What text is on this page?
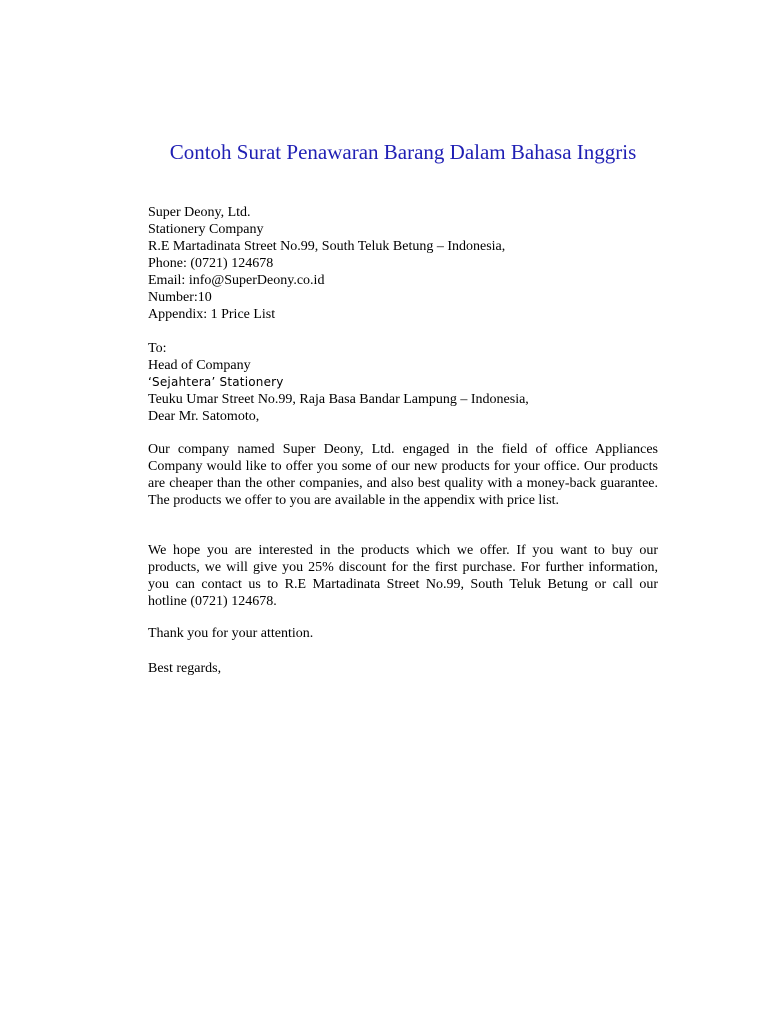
Contoh Surat Penawaran Barang Dalam Bahasa Inggris
Super Deony, Ltd.
Stationery Company
R.E Martadinata Street No.99, South Teluk Betung – Indonesia,
Phone: (0721) 124678
Email: info@SuperDeony.co.id
Number:10
Appendix: 1 Price List
To:
Head of Company
‘Sejahtera’ Stationery
Teuku Umar Street No.99, Raja Basa Bandar Lampung – Indonesia,
Dear Mr. Satomoto,

Our company named Super Deony, Ltd. engaged in the field of office Appliances Company would like to offer you some of our new products for your office. Our products are cheaper than the other companies, and also best quality with a money-back guarantee. The products we offer to you are available in the appendix with price list.

We hope you are interested in the products which we offer. If you want to buy our products, we will give you 25% discount for the first purchase. For further information, you can contact us to R.E Martadinata Street No.99, South Teluk Betung or call our hotline (0721) 124678.

Thank you for your attention.
Best regards,
